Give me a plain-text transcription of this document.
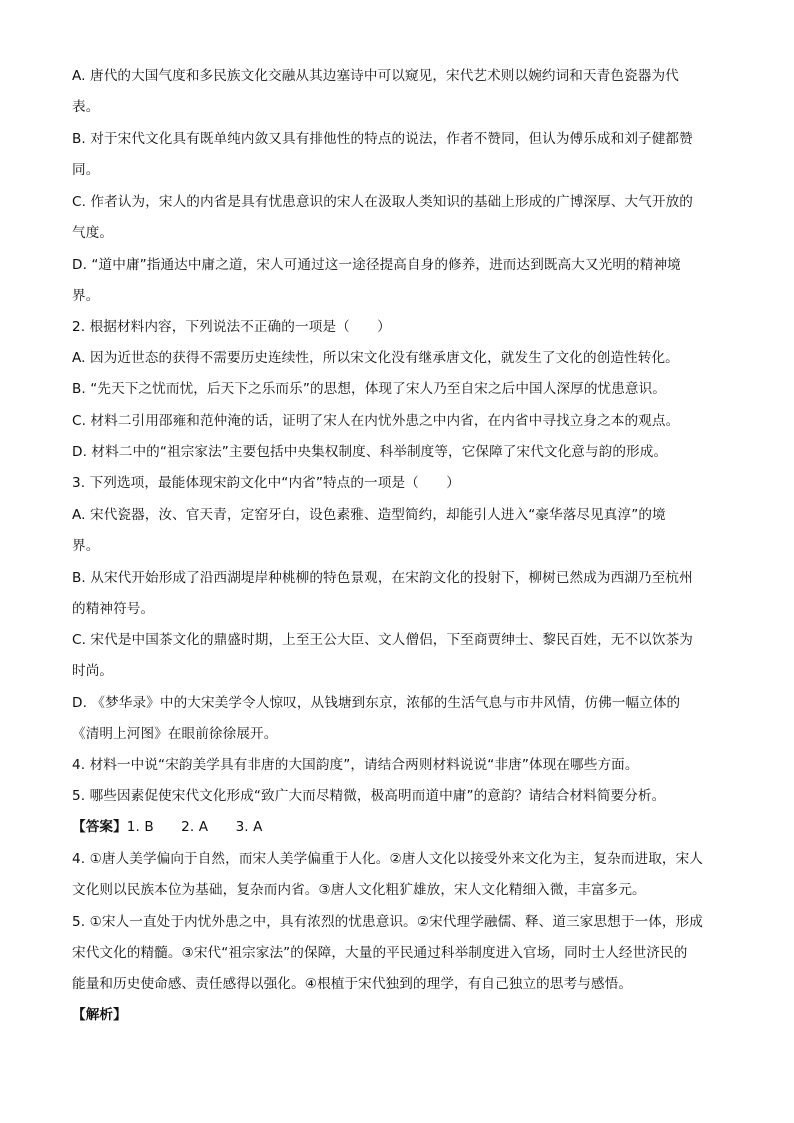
A. 唐代的大国气度和多民族文化交融从其边塞诗中可以窥见，宋代艺术则以婉约词和天青色瓷器为代
表。
B. 对于宋代文化具有既单纯内敛又具有排他性的特点的说法，作者不赞同，但认为傅乐成和刘子健都赞
同。
C. 作者认为，宋人的内省是具有忧患意识的宋人在汲取人类知识的基础上形成的广博深厚、大气开放的
气度。
D. “道中庸”指通达中庸之道，宋人可通过这一途径提高自身的修养，进而达到既高大又光明的精神境
界。
2. 根据材料内容，下列说法不正确的一项是（　　）
A. 因为近世态的获得不需要历史连续性，所以宋文化没有继承唐文化，就发生了文化的创造性转化。
B. “先天下之忧而忧，后天下之乐而乐”的思想，体现了宋人乃至自宋之后中国人深厚的忧患意识。
C. 材料二引用邵雍和范仲淹的话，证明了宋人在内忧外患之中内省，在内省中寻找立身之本的观点。
D. 材料二中的“祖宗家法”主要包括中央集权制度、科举制度等，它保障了宋代文化意与韵的形成。
3. 下列选项，最能体现宋韵文化中“内省”特点的一项是（　　）
A. 宋代瓷器，汝、官天青，定窑牙白，设色素雅、造型简约，却能引人进入“豪华落尽见真淳”的境
界。
B. 从宋代开始形成了沿西湖堤岸种桃柳的特色景观，在宋韵文化的投射下，柳树已然成为西湖乃至杭州
的精神符号。
C. 宋代是中国茶文化的鼎盛时期，上至王公大臣、文人僧侣，下至商贾绅士、黎民百姓，无不以饮茶为
时尚。
D. 《梦华录》中的大宋美学令人惊叹，从钱塘到东京，浓郁的生活气息与市井风情，仿佛一幅立体的
《清明上河图》在眼前徐徐展开。
4. 材料一中说“宋韵美学具有非唐的大国韵度”，请结合两则材料说说“非唐”体现在哪些方面。
5. 哪些因素促使宋代文化形成“致广大而尽精微，极高明而道中庸”的意韵？请结合材料简要分析。
【答案】1. B　　2. A　　3. A
4. ①唐人美学偏向于自然，而宋人美学偏重于人化。②唐人文化以接受外来文化为主，复杂而进取，宋人
文化则以民族本位为基础，复杂而内省。③唐人文化粗犷雄放，宋人文化精细入微，丰富多元。
5. ①宋人一直处于内忧外患之中，具有浓烈的忧患意识。②宋代理学融儒、释、道三家思想于一体，形成
宋代文化的精髓。③宋代“祖宗家法”的保障，大量的平民通过科举制度进入官场，同时士人经世济民的
能量和历史使命感、责任感得以强化。④根植于宋代独到的理学，有自己独立的思考与感悟。
【解析】
